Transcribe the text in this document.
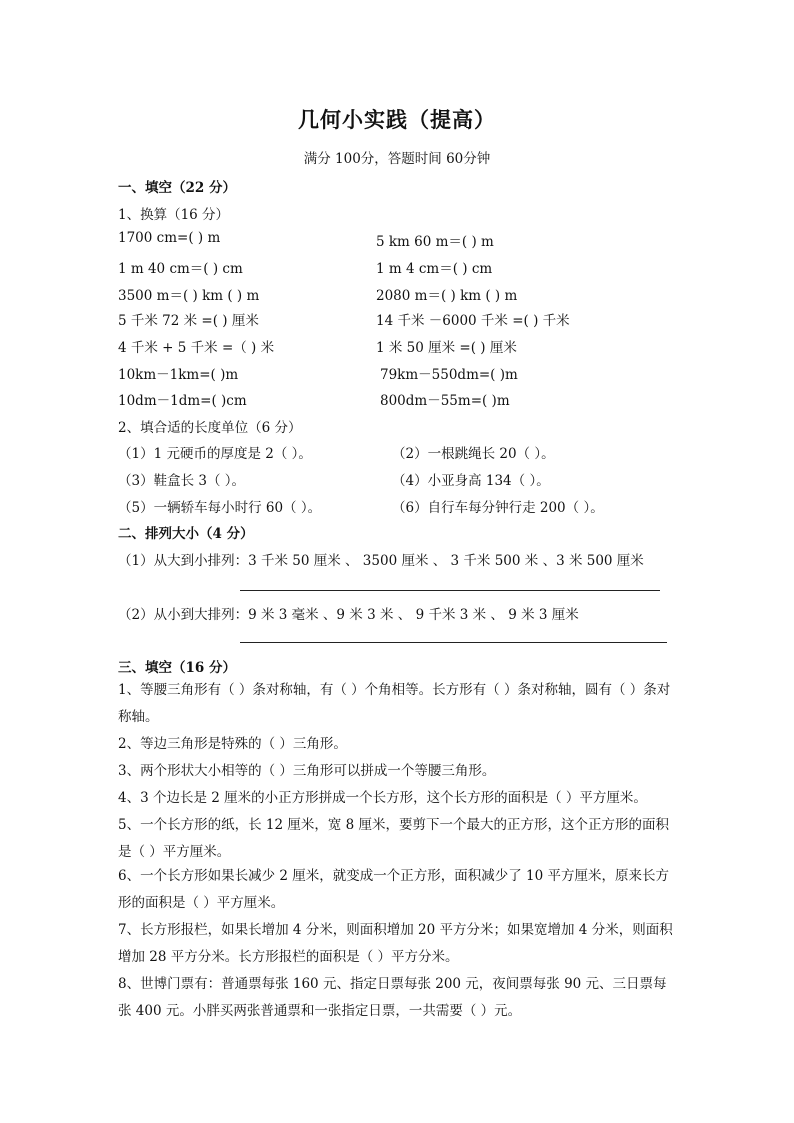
几何小实践（提高）
满分 100分，答题时间 60分钟
一、填空（22 分）
1、换算（16 分）
1700 cm=( ) m	5 km 60 m＝( ) m
1 m 40 cm＝( ) cm	1 m 4 cm＝( ) cm
3500 m＝( ) km ( ) m	2080 m＝( ) km ( ) m
5 千米 72 米 =( ) 厘米	14 千米 －6000 千米 =( ) 千米
4 千米 + 5 千米 =（ ) 米	1 米 50 厘米 =( ) 厘米
10km－1km=( )m	79km－550dm=( )m
10dm－1dm=( )cm	800dm－55m=( )m
2、填合适的长度单位（6 分）
（1）1 元硬币的厚度是 2（ ）。	（2）一根跳绳长 20（ ）。
（3）鞋盒长 3（ ）。	（4）小亚身高 134（ ）。
（5）一辆轿车每小时行 60（ ）。	（6）自行车每分钟行走 200（ ）。
二、排列大小（4 分）
（1）从大到小排列：3 千米 50 厘米 、 3500 厘米 、 3 千米 500 米 、3 米 500 厘米
（2）从小到大排列：9 米 3 毫米 、9 米 3 米 、 9 千米 3 米 、 9 米 3 厘米
三、填空（16 分）
1、等腰三角形有（ ）条对称轴，有（ ）个角相等。长方形有（ ）条对称轴，圆有（ ）条对称轴。
2、等边三角形是特殊的（ ）三角形。
3、两个形状大小相等的（ ）三角形可以拼成一个等腰三角形。
4、3 个边长是 2 厘米的小正方形拼成一个长方形，这个长方形的面积是（ ）平方厘米。
5、一个长方形的纸，长 12 厘米，宽 8 厘米，要剪下一个最大的正方形，这个正方形的面积是（ ）平方厘米。
6、一个长方形如果长减少 2 厘米，就变成一个正方形，面积减少了 10 平方厘米，原来长方形的面积是（ ）平方厘米。
7、长方形报栏，如果长增加 4 分米，则面积增加 20 平方分米；如果宽增加 4 分米，则面积增加 28 平方分米。长方形报栏的面积是（ ）平方分米。
8、世博门票有：普通票每张 160 元、指定日票每张 200 元，夜间票每张 90 元、三日票每张 400 元。小胖买两张普通票和一张指定日票，一共需要（ ）元。
